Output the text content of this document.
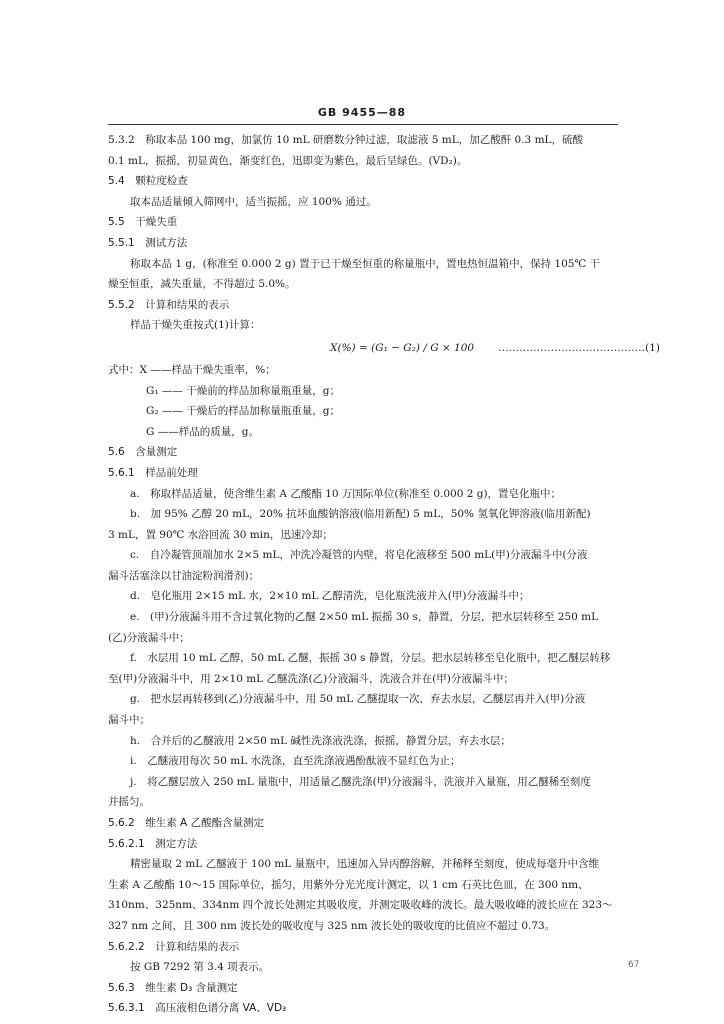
GB 9455—88

5.3.2　称取本品 100 mg，加氯仿 10 mL 研磨数分钟过滤，取滤液 5 mL，加乙酸酐 0.3 mL，硫酸

0.1 mL，振摇，初显黄色，渐变红色，迅即变为紫色，最后呈绿色。(VD₂)。

5.4　颗粒度检查

取本品适量倾入筛网中，适当振摇，应 100% 通过。

5.5　干燥失重

5.5.1　测试方法

称取本品 1 g，(称准至 0.000 2 g) 置于已干燥至恒重的称量瓶中，置电热恒温箱中，保持 105℃ 干

燥至恒重，减失重量，不得超过 5.0%。

5.5.2　计算和结果的表示

样品干燥失重按式(1)计算：

X(%) = (G₁ − G₂) / G × 100 ……………………………………(1)

式中：X ——样品干燥失重率，%；

G₁ —— 干燥前的样品加称量瓶重量，g；

G₂ —— 干燥后的样品加称量瓶重量，g；

G ——样品的质量，g。

5.6　含量测定

5.6.1　样品前处理

a.　称取样品适量，使含维生素 A 乙酸酯 10 万国际单位(称准至 0.000 2 g)，置皂化瓶中；

b.　加 95% 乙醇 20 mL，20% 抗坏血酸钠溶液(临用新配) 5 mL，50% 氢氧化钾溶液(临用新配)

3 mL，置 90℃ 水浴回流 30 min，迅速冷却；

c.　自冷凝管顶端加水 2×5 mL，冲洗冷凝管的内壁，将皂化液移至 500 mL(甲)分液漏斗中(分液

漏斗活塞涂以甘油淀粉润滑剂)；

d.　皂化瓶用 2×15 mL 水，2×10 mL 乙醇清洗，皂化瓶洗液并入(甲)分液漏斗中；

e.　(甲)分液漏斗用不含过氧化物的乙醚 2×50 mL 振摇 30 s，静置，分层，把水层转移至 250 mL

(乙)分液漏斗中；

f.　水层用 10 mL 乙醇，50 mL 乙醚，振摇 30 s 静置，分层。把水层转移至皂化瓶中，把乙醚层转移

至(甲)分液漏斗中，用 2×10 mL 乙醚洗涤(乙)分液漏斗，洗液合并在(甲)分液漏斗中；

g.　把水层再转移到(乙)分液漏斗中，用 50 mL 乙醚提取一次，弃去水层，乙醚层再并入(甲)分液

漏斗中；

h.　合并后的乙醚液用 2×50 mL 碱性洗涤液洗涤，振摇，静置分层，弃去水层；

i.　乙醚液用每次 50 mL 水洗涤，直至洗涤液遇酚酞液不显红色为止；

j.　将乙醚层放入 250 mL 量瓶中，用适量乙醚洗涤(甲)分液漏斗，洗液并入量瓶，用乙醚稀至刻度

并摇匀。

5.6.2　维生素 A 乙酸酯含量测定

5.6.2.1　测定方法

精密量取 2 mL 乙醚液于 100 mL 量瓶中，迅速加入异丙醇溶解，并稀释至刻度，使成每毫升中含维

生素 A 乙酸酯 10～15 国际单位，摇匀，用紫外分光光度计测定，以 1 cm 石英比色皿，在 300 nm、

310nm、325nm、334nm 四个波长处测定其吸收度，并测定吸收峰的波长。最大吸收峰的波长应在 323～

327 nm 之间，且 300 nm 波长处的吸收度与 325 nm 波长处的吸收度的比值应不超过 0.73。

5.6.2.2　计算和结果的表示

按 GB 7292 第 3.4 项表示。

5.6.3　维生素 D₃ 含量测定

5.6.3.1　高压液相色谱分离 VA、VD₃

67
